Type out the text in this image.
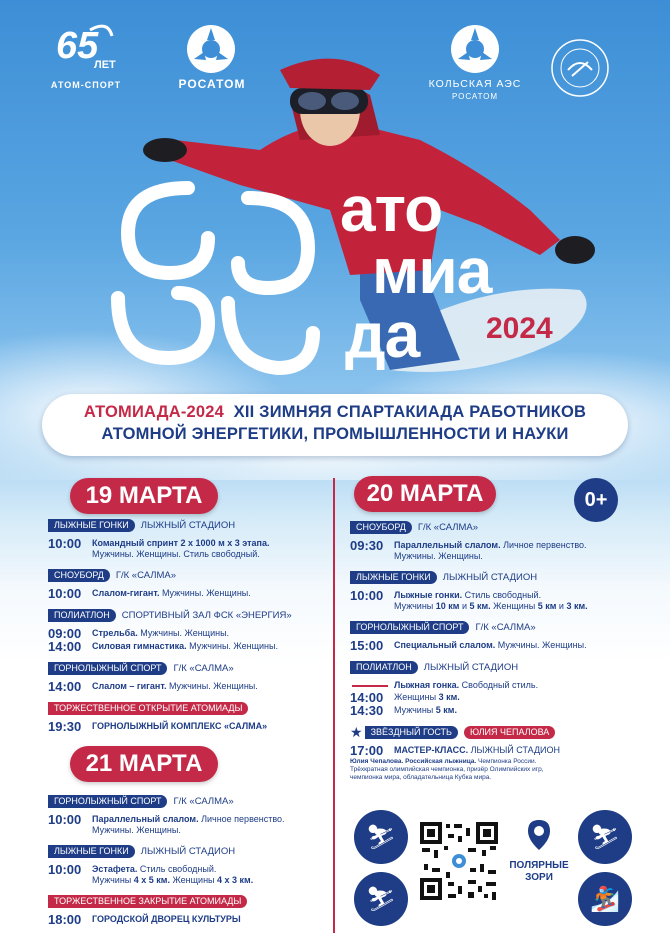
65
ЛЕТ
АТОМ-СПОРТ	РОСАТОМ	КОЛЬСКАЯ АЭС
РОСАТОМ
ато
миа
да 2024
АТОМИАДА-2024 XII ЗИМНЯЯ СПАРТАКИАДА РАБОТНИКОВ
АТОМНОЙ ЭНЕРГЕТИКИ, ПРОМЫШЛЕННОСТИ И НАУКИ
19 МАРТА
ЛЫЖНЫЕ ГОНКИ	ЛЫЖНЫЙ СТАДИОН
10:00	Командный спринт 2 х 1000 м х 3 этапа.
Мужчины. Женщины. Стиль свободный.
СНОУБОРД	Г/К «САЛМА»
10:00	Слалом-гигант. Мужчины. Женщины.
ПОЛИАТЛОН	СПОРТИВНЫЙ ЗАЛ ФСК «ЭНЕРГИЯ»
09:00	Стрельба. Мужчины. Женщины.
14:00	Силовая гимнастика. Мужчины. Женщины.
ГОРНОЛЫЖНЫЙ СПОРТ	Г/К «САЛМА»
14:00	Слалом – гигант. Мужчины. Женщины.
ТОРЖЕСТВЕННОЕ ОТКРЫТИЕ АТОМИАДЫ
19:30	ГОРНОЛЫЖНЫЙ КОМПЛЕКС «САЛМА»
21 МАРТА
ГОРНОЛЫЖНЫЙ СПОРТ	Г/К «САЛМА»
10:00	Параллельный слалом. Личное первенство.
Мужчины. Женщины.
ЛЫЖНЫЕ ГОНКИ	ЛЫЖНЫЙ СТАДИОН
10:00	Эстафета. Стиль свободный.
Мужчины 4 х 5 км. Женщины 4 х 3 км.
ТОРЖЕСТВЕННОЕ ЗАКРЫТИЕ АТОМИАДЫ
18:00	ГОРОДСКОЙ ДВОРЕЦ КУЛЬТУРЫ
20 МАРТА	0+
СНОУБОРД	Г/К «САЛМА»
09:30	Параллельный слалом. Личное первенство.
Мужчины. Женщины.
ЛЫЖНЫЕ ГОНКИ	ЛЫЖНЫЙ СТАДИОН
10:00	Лыжные гонки. Стиль свободный.
Мужчины 10 км и 5 км. Женщины 5 км и 3 км.
ГОРНОЛЫЖНЫЙ СПОРТ	Г/К «САЛМА»
15:00	Специальный слалом. Мужчины. Женщины.
ПОЛИАТЛОН	ЛЫЖНЫЙ СТАДИОН
Лыжная гонка. Свободный стиль.
14:00	Женщины 3 км.
14:30	Мужчины 5 км.
★ ЗВЁЗДНЫЙ ГОСТЬ	ЮЛИЯ ЧЕПАЛОВА
17:00	МАСТЕР-КЛАСС. ЛЫЖНЫЙ СТАДИОН
Юлия Чепалова. Российская лыжница. Чемпионка России.
Трёхкратная олимпийская чемпионка, призёр Олимпийских игр,
чемпионка мира, обладательница Кубка мира.
⛷
⛷
⛷
🏂
ПОЛЯРНЫЕ
ЗОРИ
